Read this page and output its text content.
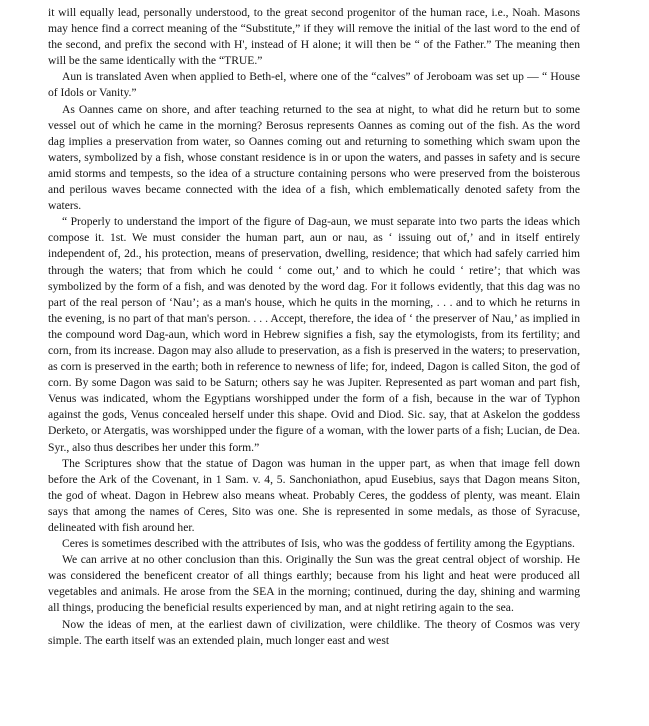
it will equally lead, personally understood, to the great second progenitor of the human race, i.e., Noah. Masons may hence find a correct meaning of the “Substitute,” if they will remove the initial of the last word to the end of the second, and prefix the second with H', instead of H alone; it will then be “ of the Father.” The meaning then will be the same identically with the “TRUE.”

Aun is translated Aven when applied to Beth-el, where one of the “calves” of Jeroboam was set up — “ House of Idols or Vanity.”

As Oannes came on shore, and after teaching returned to the sea at night, to what did he return but to some vessel out of which he came in the morning? Berosus represents Oannes as coming out of the fish. As the word dag implies a preservation from water, so Oannes coming out and returning to something which swam upon the waters, symbolized by a fish, whose constant residence is in or upon the waters, and passes in safety and is secure amid storms and tempests, so the idea of a structure containing persons who were preserved from the boisterous and perilous waves became connected with the idea of a fish, which emblematically denoted safety from the waters.

“ Properly to understand the import of the figure of Dag-aun, we must separate into two parts the ideas which compose it. 1st. We must consider the human part, aun or nau, as ‘ issuing out of,’ and in itself entirely independent of, 2d., his protection, means of preservation, dwelling, residence; that which had safely carried him through the waters; that from which he could ‘ come out,’ and to which he could ‘ retire’; that which was symbolized by the form of a fish, and was denoted by the word dag. For it follows evidently, that this dag was no part of the real person of ‘Nau’; as a man's house, which he quits in the morning, . . . and to which he returns in the evening, is no part of that man's person. . . . Accept, therefore, the idea of ‘ the preserver of Nau,’ as implied in the compound word Dag-aun, which word in Hebrew signifies a fish, say the etymologists, from its fertility; and corn, from its increase. Dagon may also allude to preservation, as a fish is preserved in the waters; to preservation, as corn is preserved in the earth; both in reference to newness of life; for, indeed, Dagon is called Siton, the god of corn. By some Dagon was said to be Saturn; others say he was Jupiter. Represented as part woman and part fish, Venus was indicated, whom the Egyptians worshipped under the form of a fish, because in the war of Typhon against the gods, Venus concealed herself under this shape. Ovid and Diod. Sic. say, that at Askelon the goddess Derketo, or Atergatis, was worshipped under the figure of a woman, with the lower parts of a fish; Lucian, de Dea. Syr., also thus describes her under this form.”

The Scriptures show that the statue of Dagon was human in the upper part, as when that image fell down before the Ark of the Covenant, in 1 Sam. v. 4, 5. Sanchoniathon, apud Eusebius, says that Dagon means Siton, the god of wheat. Dagon in Hebrew also means wheat. Probably Ceres, the goddess of plenty, was meant. Elain says that among the names of Ceres, Sito was one. She is represented in some medals, as those of Syracuse, delineated with fish around her.

Ceres is sometimes described with the attributes of Isis, who was the goddess of fertility among the Egyptians.

We can arrive at no other conclusion than this. Originally the Sun was the great central object of worship. He was considered the beneficent creator of all things earthly; because from his light and heat were produced all vegetables and animals. He arose from the SEA in the morning; continued, during the day, shining and warming all things, producing the beneficial results experienced by man, and at night retiring again to the sea.

Now the ideas of men, at the earliest dawn of civilization, were childlike. The theory of Cosmos was very simple. The earth itself was an extended plain, much longer east and west
